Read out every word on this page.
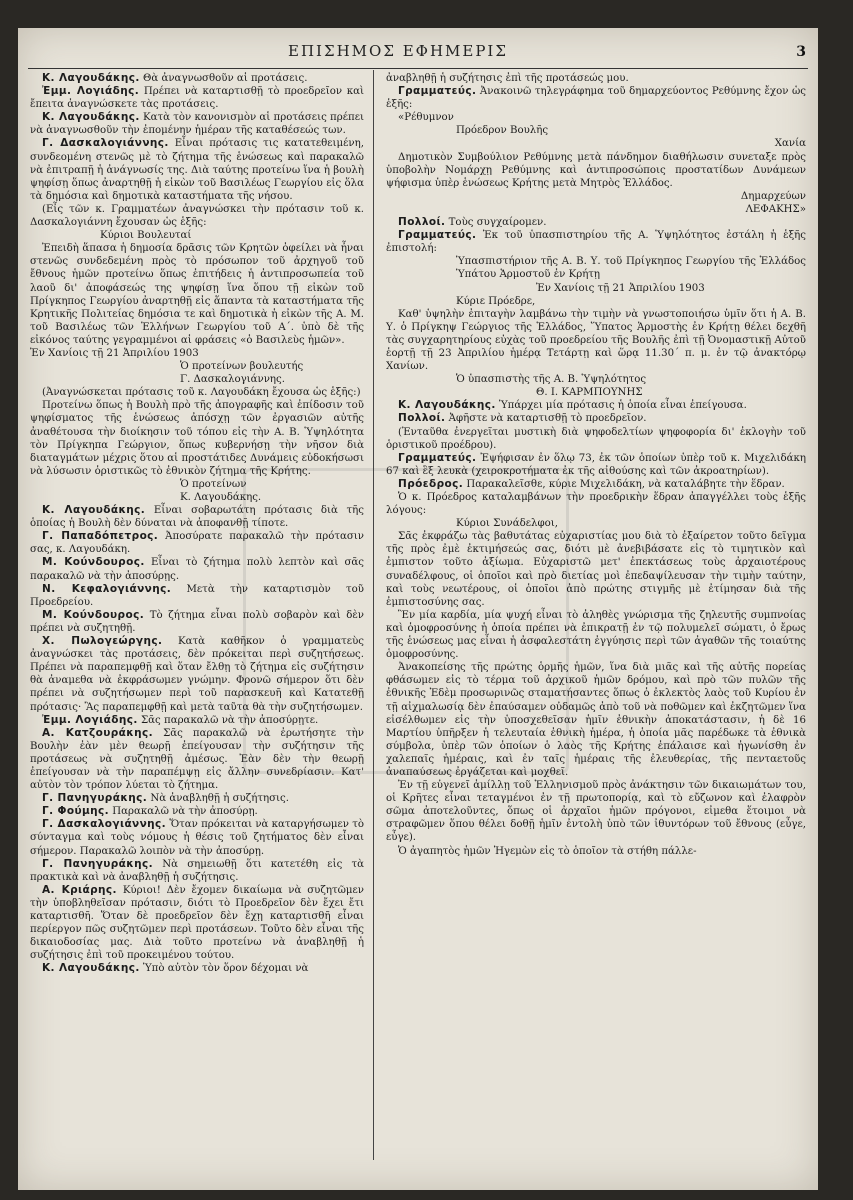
ΕΠΙΣΗΜΟΣ ΕΦΗΜΕΡΙΣ	3

Κ. Λαγουδάκης. Θὰ ἀναγνωσθοῦν αἱ προτάσεις.

Ἐμμ. Λογιάδης. Πρέπει νὰ καταρτισθῇ τὸ προεδρεῖον καὶ ἔπειτα ἀναγνώσκετε τὰς προτάσεις.

Κ. Λαγουδάκης. Κατὰ τὸν κανονισμὸν αἱ προτάσεις πρέπει νὰ ἀναγνωσθοῦν τὴν ἐπομένην ἡμέραν τῆς καταθέσεώς των.

Γ. Δασκαλογιάννης. Εἶναι πρότασις τις κατατεθειμένη, συνδεομένη στενῶς μὲ τὸ ζήτημα τῆς ἑνώσεως καὶ παρακαλῶ νὰ ἐπιτραπῇ ἡ ἀνάγνωσίς της. Διὰ ταύτης προτείνω ἵνα ἡ βουλὴ ψηφίσῃ ὅπως ἀναρτηθῇ ἡ εἰκὼν τοῦ Βασιλέως Γεωργίου εἰς ὅλα τὰ δημόσια καὶ δημοτικὰ καταστήματα τῆς νήσου.

(Εἶς τῶν κ. Γραμματέων ἀναγνώσκει τὴν πρότασιν τοῦ κ. Δασκαλογιάννη ἔχουσαν ὡς ἑξῆς:

Κύριοι Βουλευταί

Ἐπειδὴ ἅπασα ἡ δημοσία δρᾶσις τῶν Κρητῶν ὀφείλει νὰ ἦναι στενῶς συνδεδεμένη πρὸς τὸ πρόσωπον τοῦ ἀρχηγοῦ τοῦ ἔθνους ἡμῶν προτείνω ὅπως ἐπιτήδεις ἡ ἀντιπροσωπεία τοῦ λαοῦ δι' ἀποφάσεώς της ψηφίσῃ ἵνα ὅπου τῇ εἰκὼν τοῦ Πρίγκηπος Γεωργίου ἀναρτηθῇ εἰς ἅπαντα τὰ καταστήματα τῆς Κρητικῆς Πολιτείας δημόσια τε καὶ δημοτικὰ ἡ εἰκὼν τῆς Α. Μ. τοῦ Βασιλέως τῶν Ἑλλήνων Γεωργίου τοῦ Α΄. ὑπὸ δὲ τῆς εἰκόνος ταύτης γεγραμμένοι αἱ φράσεις «ὁ Βασιλεὺς ἡμῶν».

Ἐν Χανίοις τῇ 21 Ἀπριλίου 1903

Ὁ προτείνων βουλευτής

Γ. Δασκαλογιάννης.

(Ἀναγνώσκεται πρότασις τοῦ κ. Λαγουδάκη ἔχουσα ὡς ἑξῆς:)

Προτείνω ὅπως ἡ Βουλὴ πρὸ τῆς ἀπογραφῆς καὶ ἐπίδοσιν τοῦ ψηφίσματος τῆς ἑνώσεως ἀπόσχῃ τῶν ἐργασιῶν αὐτῆς ἀναθέτουσα τὴν διοίκησιν τοῦ τόπου εἰς τὴν Α. Β. Ὑψηλότητα τὸν Πρίγκηπα Γεώργιον, ὅπως κυβερνήσῃ τὴν νῆσον διὰ διαταγμάτων μέχρις ὅτου αἱ προστάτιδες Δυνάμεις εὐδοκήσωσι νὰ λύσωσιν ὁριστικῶς τὸ ἐθνικὸν ζήτημα τῆς Κρήτης.

Ὁ προτείνων

Κ. Λαγουδάκης.

Κ. Λαγουδάκης. Εἶναι σοβαρωτάτη πρότασις διὰ τῆς ὁποίας ἡ Βουλὴ δὲν δύναται νὰ ἀποφανθῇ τίποτε.

Γ. Παπαδόπετρος. Ἀποσύρατε παρακαλῶ τὴν πρότασιν σας, κ. Λαγουδάκη.

Μ. Κούνδουρος. Εἶναι τὸ ζήτημα πολὺ λεπτὸν καὶ σᾶς παρακαλῶ νὰ τὴν ἀποσύρῃς.

Ν. Κεφαλογιάννης. Μετὰ τὴν καταρτισμὸν τοῦ Προεδρείου.

Μ. Κούνδουρος. Τὸ ζήτημα εἶναι πολὺ σοβαρὸν καὶ δὲν πρέπει νὰ συζητηθῇ.

Χ. Πωλογεώργης. Κατὰ καθῆκον ὁ γραμματεὺς ἀναγνώσκει τὰς προτάσεις, δὲν πρόκειται περὶ συζητήσεως. Πρέπει νὰ παραπεμφθῇ καὶ ὅταν ἔλθῃ τὸ ζήτημα εἰς συζήτησιν θὰ ἀναμεθα νὰ ἐκφράσωμεν γνώμην. Φρονῶ σήμερον ὅτι δὲν πρέπει νὰ συζητήσωμεν περὶ τοῦ παρασκευῆ καὶ Κατατεθῇ πρότασις· Ἂς παραπεμφθῇ καὶ μετὰ ταῦτα θὰ τὴν συζητήσωμεν.

Ἐμμ. Λογιάδης. Σᾶς παρακαλῶ νὰ τὴν ἀποσύρῃτε.

Α. Κατζουράκης. Σᾶς παρακαλῶ νὰ ἐρωτήσητε τὴν Βουλὴν ἐὰν μὲν θεωρῇ ἐπείγουσαν τὴν συζήτησιν τῆς προτάσεως νὰ συζητηθῇ ἀμέσως. Ἐὰν δὲν τὴν θεωρῇ ἐπείγουσαν νὰ τὴν παραπέμψῃ εἰς ἄλλην συνεδρίασιν. Κατ' αὐτὸν τὸν τρόπον λύεται τὸ ζήτημα.

Γ. Πανηγυράκης. Νὰ ἀναβληθῇ ἡ συζήτησις.

Γ. Φούμης. Παρακαλῶ νὰ τὴν ἀποσύρῃ.

Γ. Δασκαλογιάννης. Ὅταν πρόκειται νὰ καταργήσωμεν τὸ σύνταγμα καὶ τοὺς νόμους ἡ θέσις τοῦ ζητήματος δὲν εἶναι σήμερον. Παρακαλῶ λοιπὸν νὰ τὴν ἀποσύρῃ.

Γ. Πανηγυράκης. Νὰ σημειωθῇ ὅτι κατετέθη εἰς τὰ πρακτικὰ καὶ νὰ ἀναβληθῇ ἡ συζήτησις.

Α. Κριάρης. Κύριοι! Δὲν ἔχομεν δικαίωμα νὰ συζητῶμεν τὴν ὑποβληθεῖσαν πρότασιν, διότι τὸ Προεδρεῖον δὲν ἔχει ἔτι καταρτισθῆ. Ὅταν δὲ προεδρεῖον δὲν ἔχῃ καταρτισθῆ εἶναι περίεργον πῶς συζητῶμεν περὶ προτάσεων. Τοῦτο δὲν εἶναι τῆς δικαιοδοσίας μας. Διὰ τοῦτο προτείνω νὰ ἀναβληθῇ ἡ συζήτησις ἐπὶ τοῦ προκειμένου τούτου.

Κ. Λαγουδάκης. Ὑπὸ αὐτὸν τὸν ὅρον δέχομαι νὰ

ἀναβληθῇ ἡ συζήτησις ἐπὶ τῆς προτάσεώς μου.

Γραμματεύς. Ἀνακοινῶ τηλεγράφημα τοῦ δημαρχεύοντος Ρεθύμνης ἔχον ὡς ἑξῆς:

«Ρέθυμνον

Πρόεδρον Βουλῆς

Χανία

Δημοτικὸν Συμβούλιον Ρεθύμνης μετὰ πάνδημον διαθήλωσιν συνεταξε πρὸς ὑποβολὴν Νομάρχῃ Ρεθύμνης καὶ ἀντιπροσώποις προστατίδων Δυνάμεων ψήφισμα ὑπὲρ ἑνώσεως Κρήτης μετὰ Μητρὸς Ἑλλάδος.

Δημαρχεύων

ΛΕΦΑΚΗΣ»

Πολλοί. Τοὺς συγχαίρομεν.

Γραμματεύς. Ἐκ τοῦ ὑπασπιστηρίου τῆς Α. Ὑψηλότητος ἐστάλη ἡ ἑξῆς ἐπιστολή:

Ὑπασπιστήριον τῆς Α. Β. Υ. τοῦ Πρίγκηπος Γεωργίου τῆς Ἑλλάδος Ὑπάτου Ἁρμοστοῦ ἐν Κρήτῃ

Ἐν Χανίοις τῇ 21 Ἀπριλίου 1903

Κύριε Πρόεδρε,

Καθ' ὑψηλὴν ἐπιταγὴν λαμβάνω τὴν τιμὴν νὰ γνωστοποιήσω ὑμῖν ὅτι ἡ Α. Β. Υ. ὁ Πρίγκηψ Γεώργιος τῆς Ἑλλάδος, Ὕπατος Ἁρμοστὴς ἐν Κρήτῃ θέλει δεχθῆ τὰς συγχαρητηρίους εὐχὰς τοῦ προεδρείου τῆς Βουλῆς ἐπὶ τῇ Ὀνομαστικῇ Αὐτοῦ ἑορτῇ τῇ 23 Ἀπριλίου ἡμέρᾳ Τετάρτῃ καὶ ὥρᾳ 11.30΄ π. μ. ἐν τῷ ἀνακτόρῳ Χανίων.

Ὁ ὑπασπιστὴς τῆς Α. Β. Ὑψηλότητος

Θ. Ι. ΚΑΡΜΠΟΥΝΗΣ

Κ. Λαγουδάκης. Ὑπάρχει μία πρότασις ἡ ὁποία εἶναι ἐπείγουσα.

Πολλοί. Ἀφῆστε νὰ καταρτισθῇ τὸ προεδρεῖον.

(Ἐνταῦθα ἐνεργεῖται μυστικὴ διὰ ψηφοδελτίων ψηφοφορία δι' ἐκλογὴν τοῦ ὁριστικοῦ προέδρου).

Γραμματεύς. Ἐψήφισαν ἐν ὅλῳ 73, ἐκ τῶν ὁποίων ὑπὲρ τοῦ κ. Μιχελιδάκη 67 καὶ ἓξ λευκὰ (χειροκροτήματα ἐκ τῆς αἰθούσης καὶ τῶν ἀκροατηρίων).

Πρόεδρος. Παρακαλεῖσθε, κύριε Μιχελιδάκη, νὰ καταλάβητε τὴν ἕδραν.

Ὁ κ. Πρόεδρος καταλαμβάνων τὴν προεδρικὴν ἕδραν ἀπαγγέλλει τοὺς ἑξῆς λόγους:

Κύριοι Συνάδελφοι,

Σᾶς ἐκφράζω τὰς βαθυτάτας εὐχαριστίας μου διὰ τὸ ἐξαίρετον τοῦτο δεῖγμα τῆς πρὸς ἐμὲ ἐκτιμήσεώς σας, διότι μὲ ἀνεβιβάσατε εἰς τὸ τιμητικὸν καὶ ἐμπιστον τοῦτο ἀξίωμα. Εὐχαριστῶ μετ' ἐπεκτάσεως τοὺς ἀρχαιοτέρους συναδέλφους, οἱ ὁποῖοι καὶ πρὸ διετίας μοὶ ἐπεδαψίλευσαν τὴν τιμὴν ταύτην, καὶ τοὺς νεωτέρους, οἱ ὁποῖοι ἀπὸ πρώτης στιγμῆς μὲ ἐτίμησαν διὰ τῆς ἐμπιστοσύνης σας.

Ἓν μία καρδία, μία ψυχή εἶναι τὸ ἀληθὲς γνώρισμα τῆς ζηλευτῆς συμπνοίας καὶ ὁμοφροσύνης ἡ ὁποία πρέπει νὰ ἐπικρατῇ ἐν τῷ πολυμελεῖ σώματι, ὁ ἔρως τῆς ἑνώσεως μας εἶναι ἡ ἀσφαλεστάτη ἐγγύησις περὶ τῶν ἀγαθῶν τῆς τοιαύτης ὁμοφροσύνης.

Ἀνακοπείσης τῆς πρώτης ὁρμῆς ἡμῶν, ἵνα διὰ μιᾶς καὶ τῆς αὐτῆς πορείας φθάσωμεν εἰς τὸ τέρμα τοῦ ἀρχικοῦ ἡμῶν δρόμου, καὶ πρὸ τῶν πυλῶν τῆς ἐθνικῆς Ἐδὲμ προσωρινῶς σταματήσαντες ὅπως ὁ ἐκλεκτὸς λαὸς τοῦ Κυρίου ἐν τῇ αἰχμαλωσίᾳ δὲν ἐπαύσαμεν οὐδαμῶς ἀπὸ τοῦ νὰ ποθῶμεν καὶ ἐκζητῶμεν ἵνα εἰσέλθωμεν εἰς τὴν ὑποσχεθεῖσαν ἡμῖν ἐθνικὴν ἀποκατάστασιν, ἡ δὲ 16 Μαρτίου ὑπῆρξεν ἡ τελευταία ἐθνικὴ ἡμέρα, ἡ ὁποία μᾶς παρέδωκε τὰ ἐθνικὰ σύμβολα, ὑπὲρ τῶν ὁποίων ὁ λαὸς τῆς Κρήτης ἐπάλαισε καὶ ἠγωνίσθη ἐν χαλεπαῖς ἡμέραις, καὶ ἐν ταῖς ἡμέραις τῆς ἐλευθερίας, τῆς πενταετοῦς ἀναπαύσεως ἐργάζεται καὶ μοχθεῖ.

Ἐν τῇ εὐγενεῖ ἁμίλλῃ τοῦ Ἑλληνισμοῦ πρὸς ἀνάκτησιν τῶν δικαιωμάτων του, οἱ Κρῆτες εἶναι τεταγμένοι ἐν τῇ πρωτοπορίᾳ, καὶ τὸ εὔζωνον καὶ ἐλαφρὸν σῶμα ἀποτελοῦντες, ὅπως οἱ ἀρχαῖοι ἡμῶν πρόγονοι, εἰμεθα ἕτοιμοι νὰ στραφῶμεν ὅπου θέλει δοθῇ ἡμῖν ἐντολὴ ὑπὸ τῶν ἰθυντόρων τοῦ ἔθνους (εὖγε, εὖγε).

Ὁ ἀγαπητὸς ἡμῶν Ἡγεμὼν εἰς τὸ ὁποῖον τὰ στήθη πάλλε-
